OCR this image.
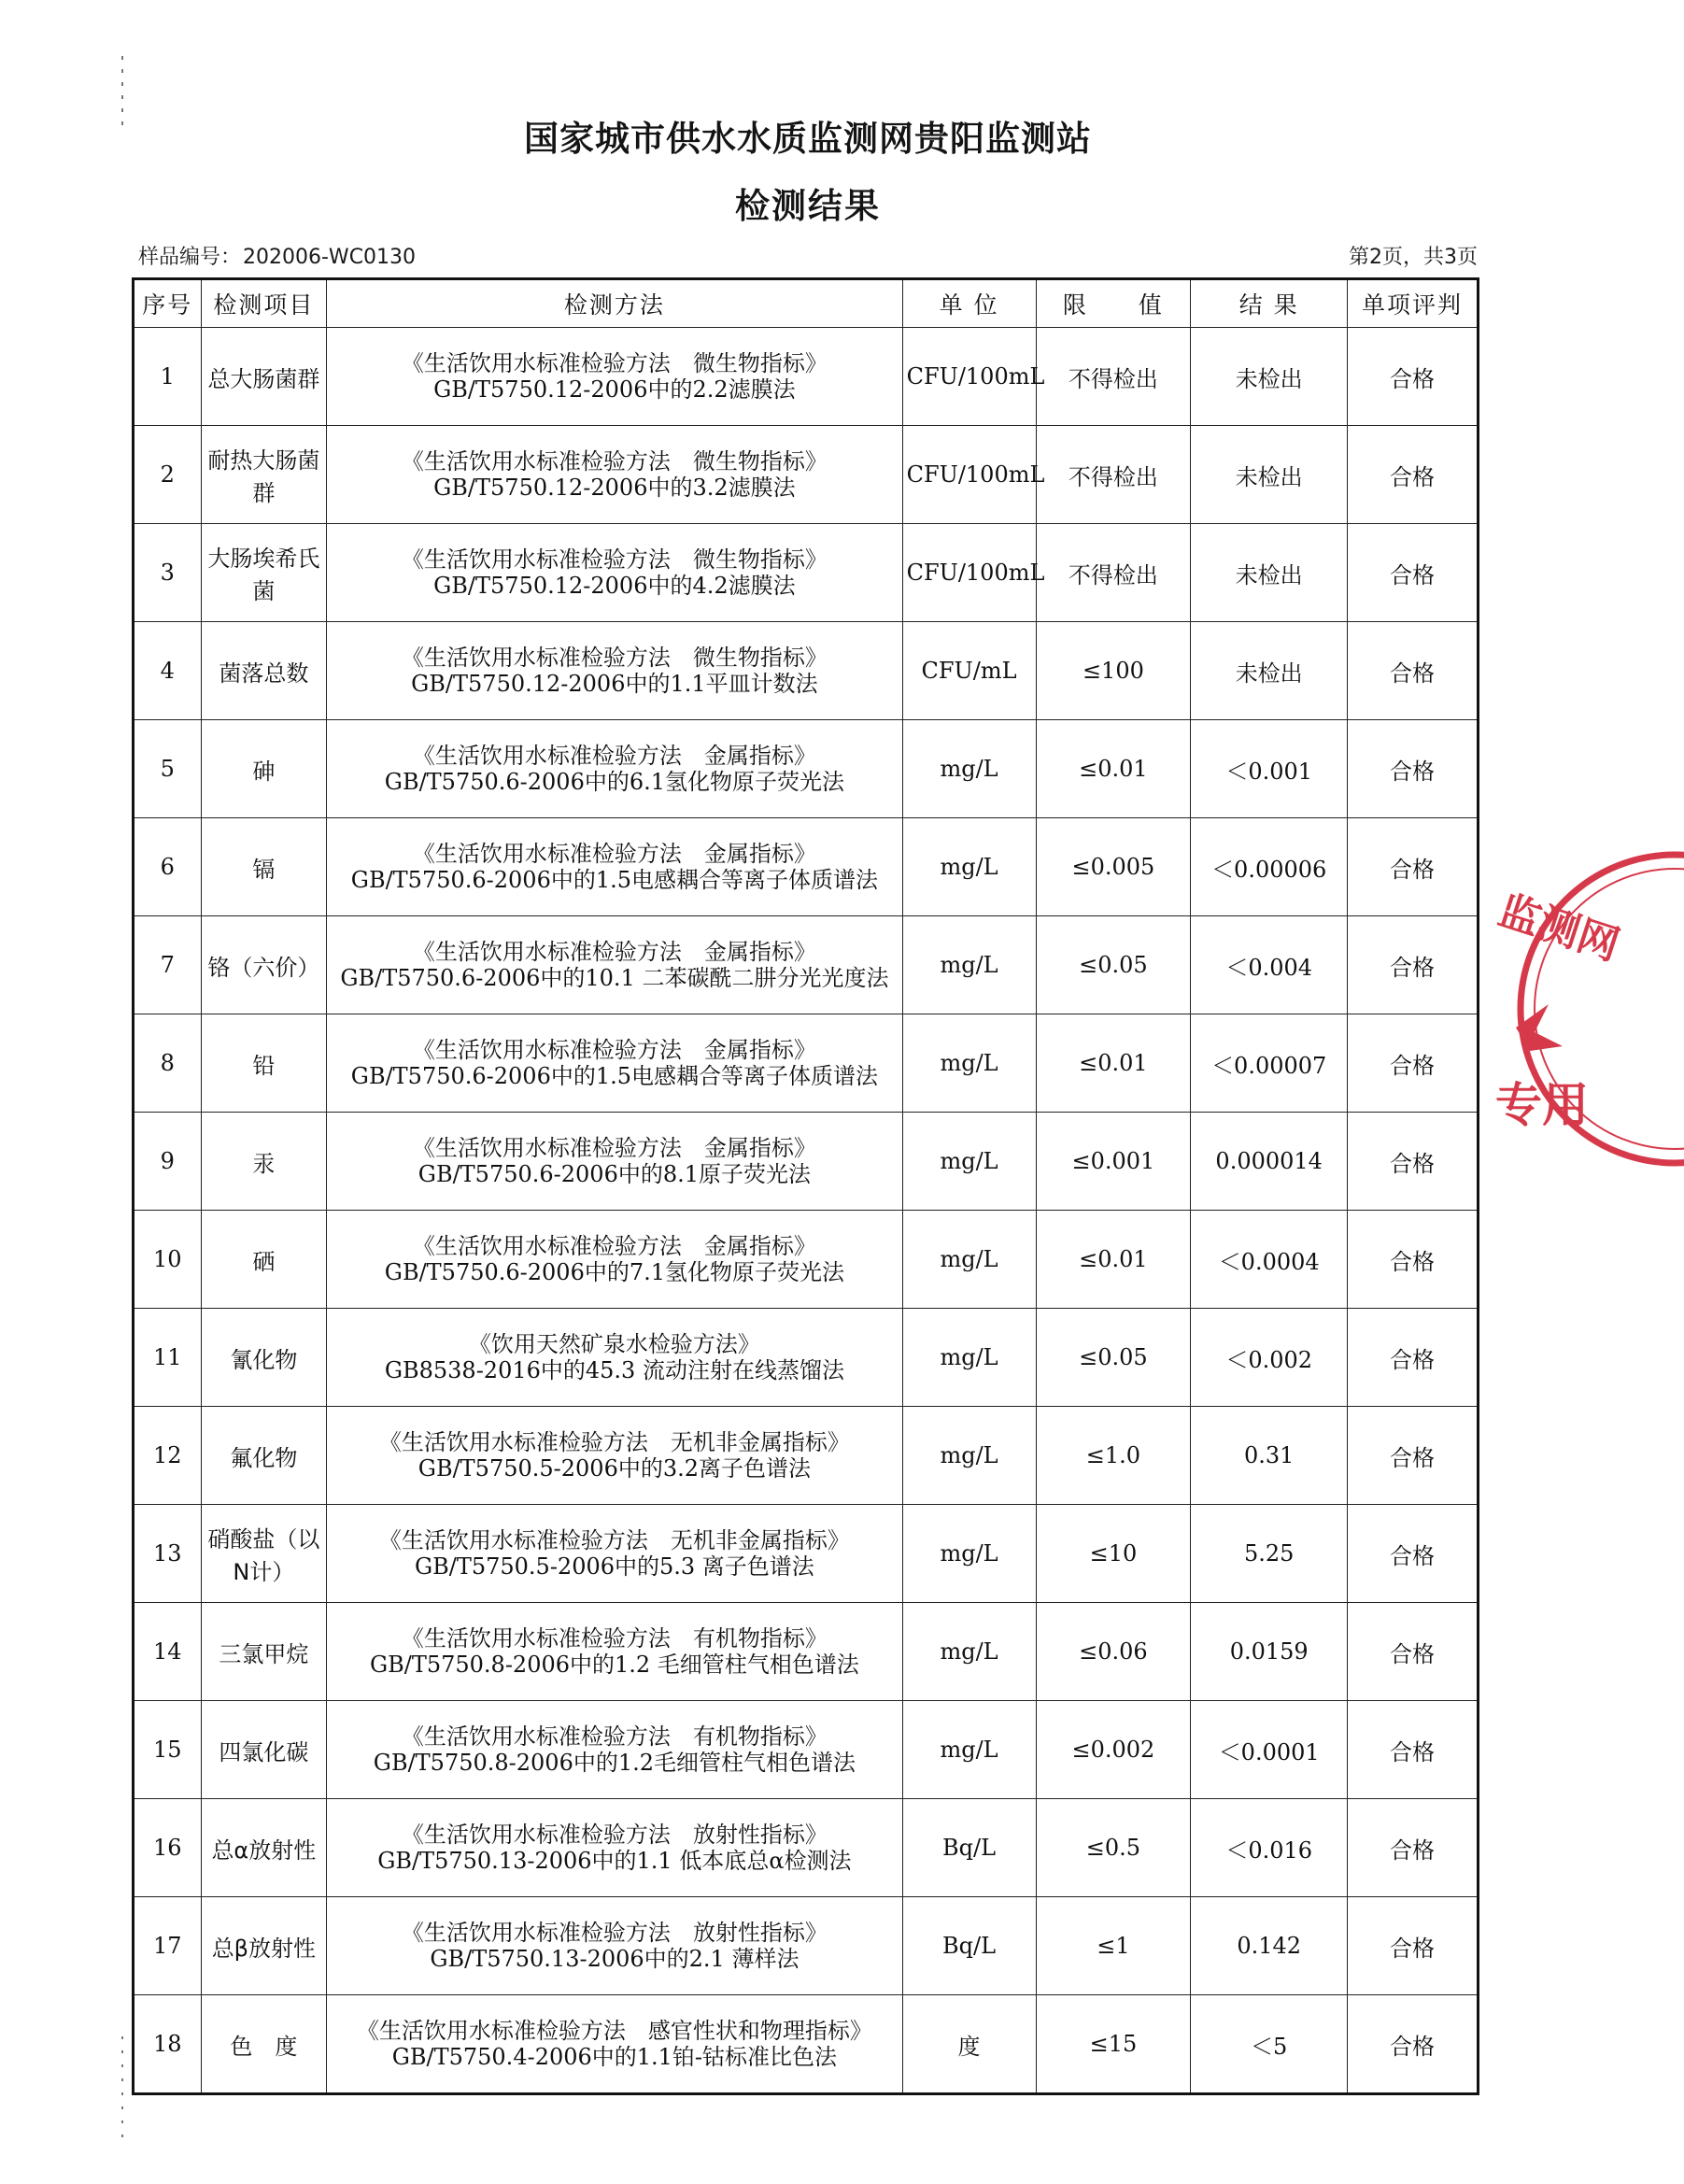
国家城市供水水质监测网贵阳监测站
检测结果
样品编号：202006-WC0130	第2页，共3页
序号	检测项目	检测方法	单 位	限　　值	结 果	单项评判
1	总大肠菌群	《生活饮用水标准检验方法　微生物指标》
GB/T5750.12-2006中的2.2滤膜法	CFU/100mL	不得检出	未检出	合格
2	耐热大肠菌群	《生活饮用水标准检验方法　微生物指标》
GB/T5750.12-2006中的3.2滤膜法	CFU/100mL	不得检出	未检出	合格
3	大肠埃希氏菌	《生活饮用水标准检验方法　微生物指标》
GB/T5750.12-2006中的4.2滤膜法	CFU/100mL	不得检出	未检出	合格
4	菌落总数	《生活饮用水标准检验方法　微生物指标》
GB/T5750.12-2006中的1.1平皿计数法	CFU/mL	≤100	未检出	合格
5	砷	《生活饮用水标准检验方法　金属指标》
GB/T5750.6-2006中的6.1氢化物原子荧光法	mg/L	≤0.01	＜0.001	合格
6	镉	《生活饮用水标准检验方法　金属指标》
GB/T5750.6-2006中的1.5电感耦合等离子体质谱法	mg/L	≤0.005	＜0.00006	合格
7	铬（六价）	《生活饮用水标准检验方法　金属指标》
GB/T5750.6-2006中的10.1 二苯碳酰二肼分光光度法	mg/L	≤0.05	＜0.004	合格
8	铅	《生活饮用水标准检验方法　金属指标》
GB/T5750.6-2006中的1.5电感耦合等离子体质谱法	mg/L	≤0.01	＜0.00007	合格
9	汞	《生活饮用水标准检验方法　金属指标》
GB/T5750.6-2006中的8.1原子荧光法	mg/L	≤0.001	0.000014	合格
10	硒	《生活饮用水标准检验方法　金属指标》
GB/T5750.6-2006中的7.1氢化物原子荧光法	mg/L	≤0.01	＜0.0004	合格
11	氰化物	《饮用天然矿泉水检验方法》
GB8538-2016中的45.3 流动注射在线蒸馏法	mg/L	≤0.05	＜0.002	合格
12	氟化物	《生活饮用水标准检验方法　无机非金属指标》
GB/T5750.5-2006中的3.2离子色谱法	mg/L	≤1.0	0.31	合格
13	硝酸盐（以N计）	《生活饮用水标准检验方法　无机非金属指标》
GB/T5750.5-2006中的5.3 离子色谱法	mg/L	≤10	5.25	合格
14	三氯甲烷	《生活饮用水标准检验方法　有机物指标》
GB/T5750.8-2006中的1.2 毛细管柱气相色谱法	mg/L	≤0.06	0.0159	合格
15	四氯化碳	《生活饮用水标准检验方法　有机物指标》
GB/T5750.8-2006中的1.2毛细管柱气相色谱法	mg/L	≤0.002	＜0.0001	合格
16	总α放射性	《生活饮用水标准检验方法　放射性指标》
GB/T5750.13-2006中的1.1 低本底总α检测法	Bq/L	≤0.5	＜0.016	合格
17	总β放射性	《生活饮用水标准检验方法　放射性指标》
GB/T5750.13-2006中的2.1 薄样法	Bq/L	≤1	0.142	合格
18	色　度	《生活饮用水标准检验方法　感官性状和物理指标》
GB/T5750.4-2006中的1.1铂-钴标准比色法	度	≤15	＜5	合格
监测网
专用
